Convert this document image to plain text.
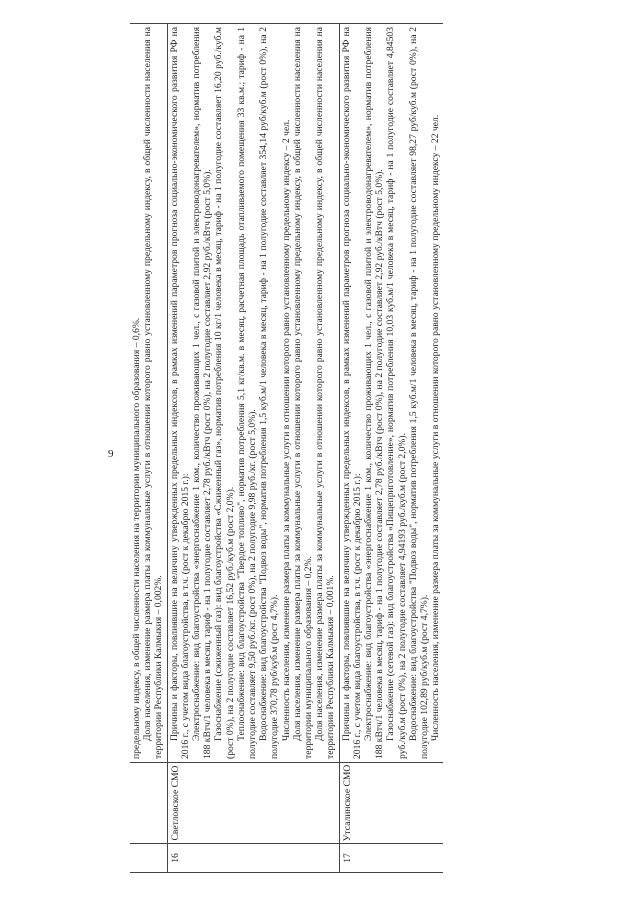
9 предельному индексу, в общей численности населения на территории муниципального образования – 0,6%. Доля населения, изменение размера платы за коммунальные услуги в отношении которого равно установленному предельному индексу, в общей численности населения на территории Республики Калмыкия – 0,002%.

16
Светловское СМО

Причины и факторы, повлиявшие на величину утвержденных предельных индексов, в рамках изменений параметров прогноза социально-экономического развития РФ на 2016 г., с учетом вида благоустройства, в т.ч. (рост к декабрю 2015 г.): Электроснабжение: вид благоустройства «энергоснабжение 1 ком., количество проживающих 1 чел., с газовой плитой и электроводонагревателем», норматив потребления 188 кВтч/1 человека в месяц, тариф - на 1 полугодие составляет 2,78 руб./кВтч (рост 0%), на 2 полугодие составляет 2,92 руб./кВтч (рост 5,0%). Газоснабжение (сжиженный газ): вид благоустройства «Сжиженный газ», норматив потребления 10 кг/1 человека в месяц, тариф - на 1 полугодие составляет 16,20 руб./куб.м (рост 0%), на 2 полугодие составляет 16,52 руб./куб.м (рост 2,0%). Теплоснабжение: вид благоустройства "Твердое топливо", норматив потребления 5,1 кг/кв.м. в месяц, расчетная площадь отапливаемого помещения 33 кв.м.; тариф - на 1 полугодие составляет 9,50 руб./кг. (рост 0%), на 2 полугодие 9,98 руб./кг. (рост 5,0%). Водоснабжение: вид благоустройства "Подвоз воды", норматив потребления 1,5 куб.м/1 человека в месяц, тариф - на 1 полугодие составляет 354,14 руб/куб.м (рост 0%), на 2 полугодие 370,78 руб/куб.м (рост 4,7%). Численность населения, изменение размера платы за коммунальные услуги в отношении которого равно установленному предельному индексу – 2 чел. Доля населения, изменение размера платы за коммунальные услуги в отношении которого равно установленному предельному индексу, в общей численности населения на территории муниципального образования – 0,2%. Доля населения, изменение размера платы за коммунальные услуги в отношении которого равно установленному предельному индексу, в общей численности населения на территории Республики Калмыкия – 0,001%.

17
Утсалинское СМО

Причины и факторы, повлиявшие на величину утвержденных предельных индексов, в рамках изменений параметров прогноза социально-экономического развития РФ на 2016 г., с учетом вида благоустройства, в т.ч. (рост к декабрю 2015 г.): Электроснабжение: вид благоустройства «энергоснабжение 1 ком., количество проживающих 1 чел., с газовой плитой и электроводонагревателем», норматив потребления 188 кВтч/1 человека в месяц, тариф - на 1 полугодие составляет 2,78 руб./кВтч (рост 0%), на 2 полугодие составляет 2,92 руб./кВтч (рост 5,0%). Газоснабжение (сетевой газ): вид благоустройства «Пищеприготовление», норматив потребления 10,03 куб.м/1 человека в месяц, тариф - на 1 полугодие составляет 4,84503 руб./куб.м (рост 0%), на 2 полугодие составляет 4,94193 руб./куб.м (рост 2,0%). Водоснабжение: вид благоустройства "Подвоз воды", норматив потребления 1,5 куб.м/1 человека в месяц, тариф - на 1 полугодие составляет 98,27 руб/куб.м (рост 0%), на 2 полугодие 102,89 руб/куб.м (рост 4,7%). Численность населения, изменение размера платы за коммунальные услуги в отношении которого равно установленному предельному индексу – 22 чел.
